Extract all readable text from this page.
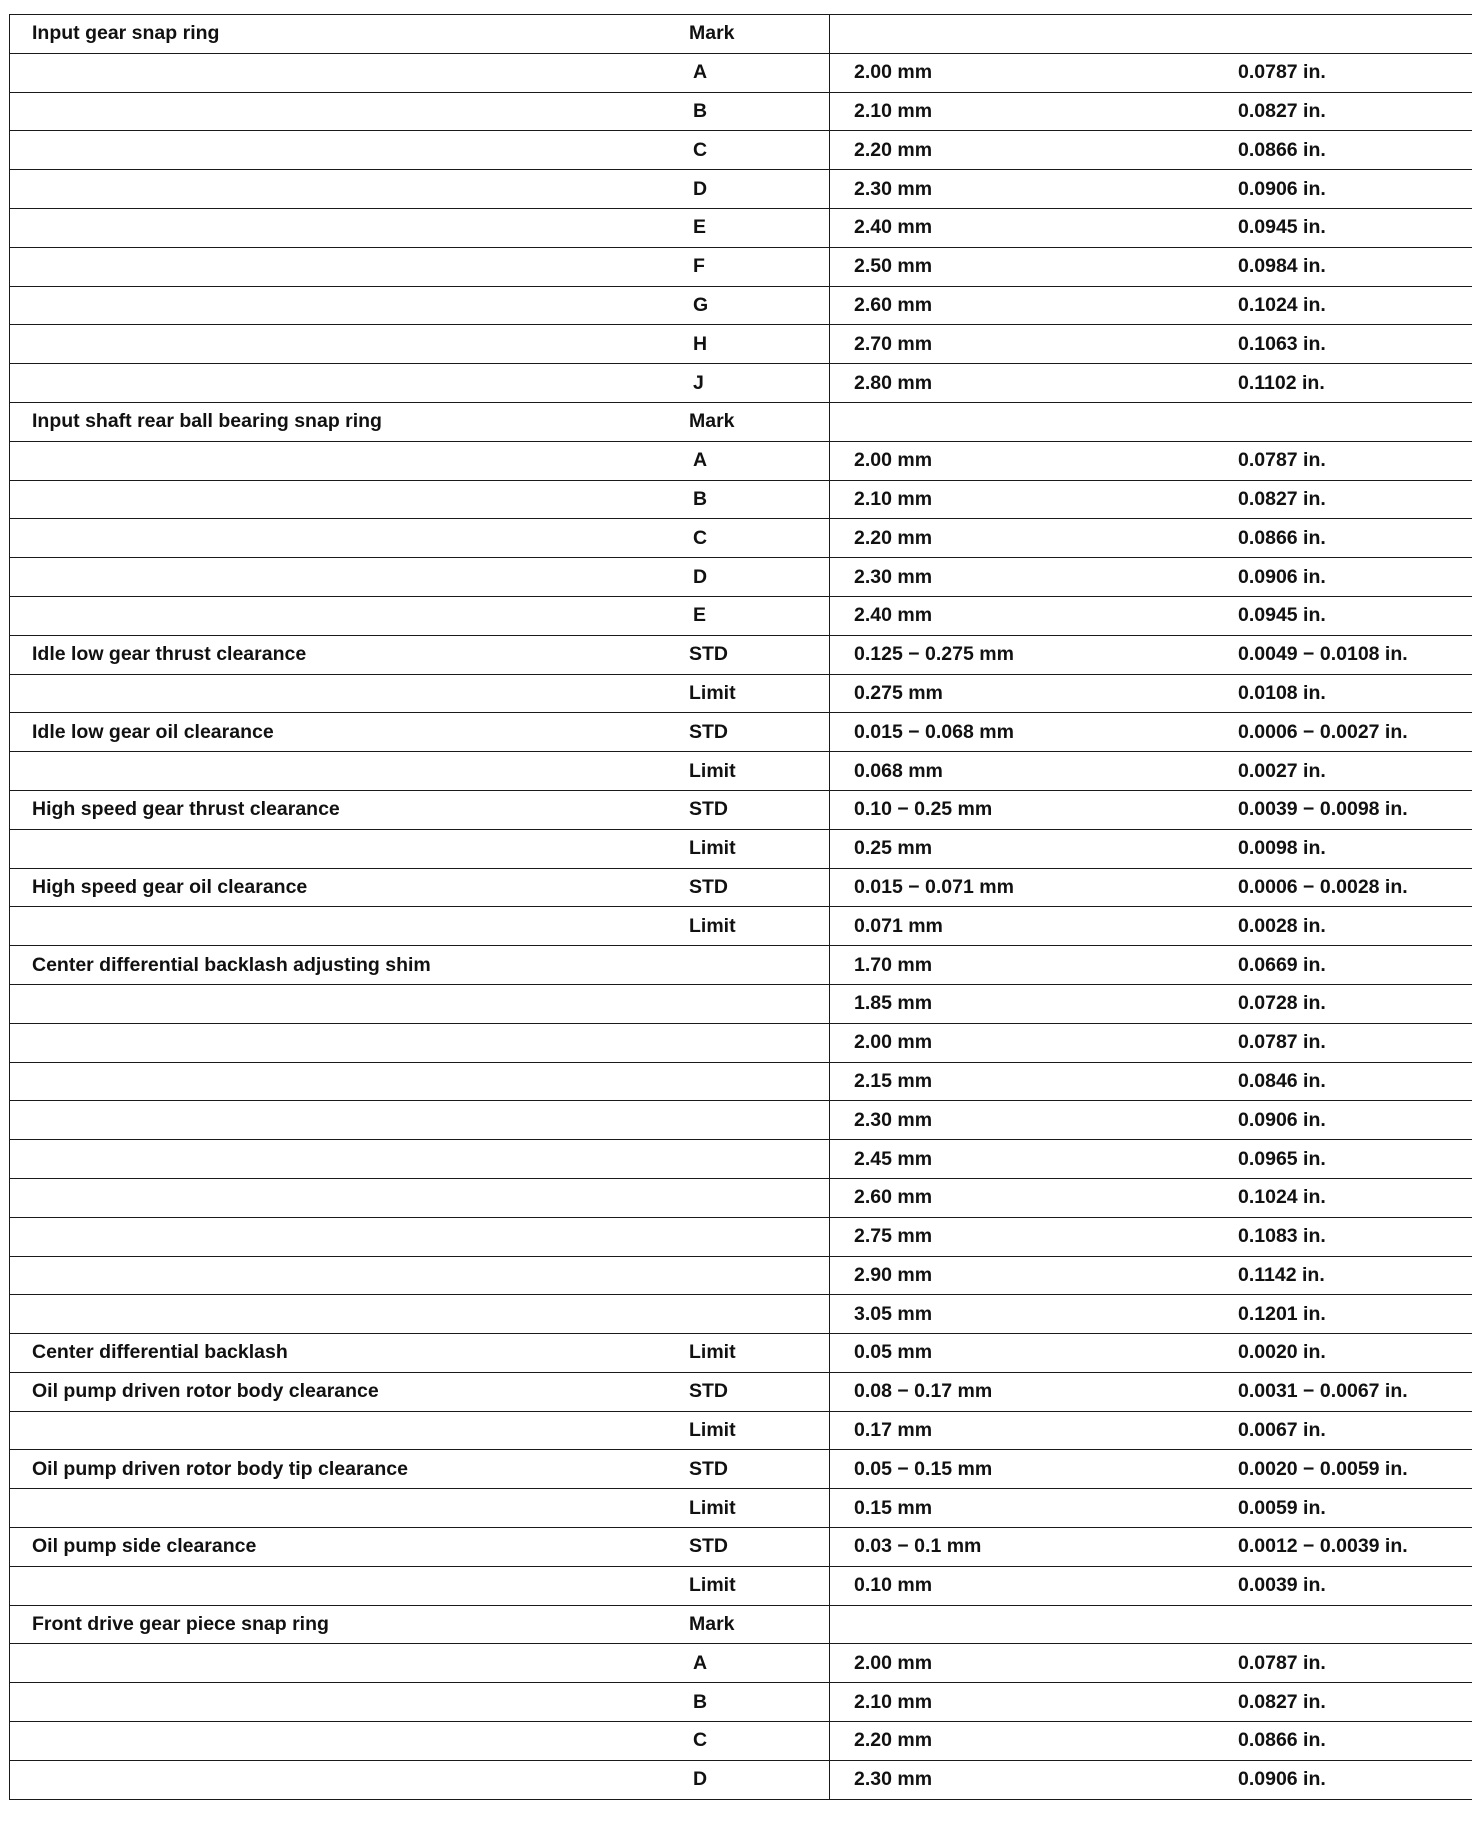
Input gear snap ring	Mark		
	A	2.00 mm	0.0787 in.
	B	2.10 mm	0.0827 in.
	C	2.20 mm	0.0866 in.
	D	2.30 mm	0.0906 in.
	E	2.40 mm	0.0945 in.
	F	2.50 mm	0.0984 in.
	G	2.60 mm	0.1024 in.
	H	2.70 mm	0.1063 in.
	J	2.80 mm	0.1102 in.
Input shaft rear ball bearing snap ring	Mark		
	A	2.00 mm	0.0787 in.
	B	2.10 mm	0.0827 in.
	C	2.20 mm	0.0866 in.
	D	2.30 mm	0.0906 in.
	E	2.40 mm	0.0945 in.
Idle low gear thrust clearance	STD	0.125 − 0.275 mm	0.0049 − 0.0108 in.
	Limit	0.275 mm	0.0108 in.
Idle low gear oil clearance	STD	0.015 − 0.068 mm	0.0006 − 0.0027 in.
	Limit	0.068 mm	0.0027 in.
High speed gear thrust clearance	STD	0.10 − 0.25 mm	0.0039 − 0.0098 in.
	Limit	0.25 mm	0.0098 in.
High speed gear oil clearance	STD	0.015 − 0.071 mm	0.0006 − 0.0028 in.
	Limit	0.071 mm	0.0028 in.
Center differential backlash adjusting shim		1.70 mm	0.0669 in.
		1.85 mm	0.0728 in.
		2.00 mm	0.0787 in.
		2.15 mm	0.0846 in.
		2.30 mm	0.0906 in.
		2.45 mm	0.0965 in.
		2.60 mm	0.1024 in.
		2.75 mm	0.1083 in.
		2.90 mm	0.1142 in.
		3.05 mm	0.1201 in.
Center differential backlash	Limit	0.05 mm	0.0020 in.
Oil pump driven rotor body clearance	STD	0.08 − 0.17 mm	0.0031 − 0.0067 in.
	Limit	0.17 mm	0.0067 in.
Oil pump driven rotor body tip clearance	STD	0.05 − 0.15 mm	0.0020 − 0.0059 in.
	Limit	0.15 mm	0.0059 in.
Oil pump side clearance	STD	0.03 − 0.1 mm	0.0012 − 0.0039 in.
	Limit	0.10 mm	0.0039 in.
Front drive gear piece snap ring	Mark		
	A	2.00 mm	0.0787 in.
	B	2.10 mm	0.0827 in.
	C	2.20 mm	0.0866 in.
	D	2.30 mm	0.0906 in.
